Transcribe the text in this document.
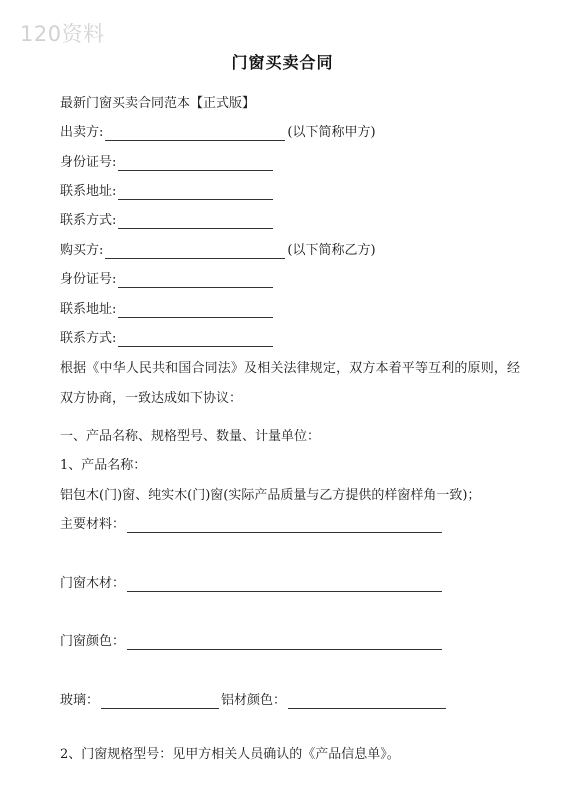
120资料
门窗买卖合同
最新门窗买卖合同范本【正式版】
出卖方:	(以下简称甲方)
身份证号:
联系地址:
联系方式:
购买方:	(以下简称乙方)
身份证号:
联系地址:
联系方式:
根据《中华人民共和国合同法》及相关法律规定，双方本着平等互利的原则，经双方协商，一致达成如下协议：
一、产品名称、规格型号、数量、计量单位：
1、产品名称：
铝包木(门)窗、纯实木(门)窗(实际产品质量与乙方提供的样窗样角一致)；
主要材料：
门窗木材：
门窗颜色：
玻璃：	铝材颜色：
2、门窗规格型号：见甲方相关人员确认的《产品信息单》。
